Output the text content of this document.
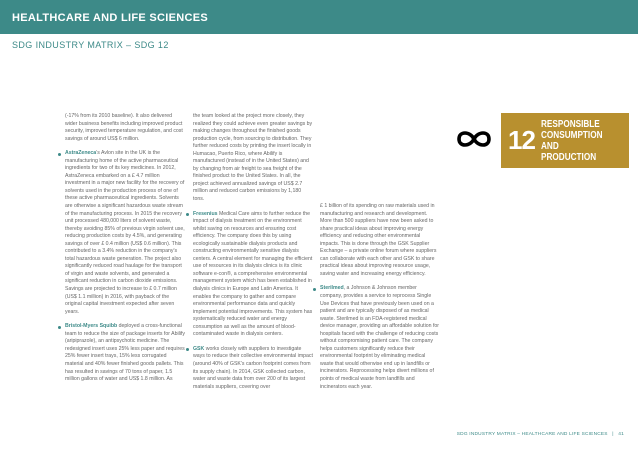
HEALTHCARE AND LIFE SCIENCES
SDG INDUSTRY MATRIX – SDG 12

(-17% from its 2010 baseline). It also delivered wider business benefits including improved product security, improved temperature regulation, and cost savings of around US$ 6 million.

AstraZeneca’s Avlon site in the UK is the manufacturing home of the active pharmaceutical ingredients for two of its key medicines. In 2012, AstraZeneca embarked on a £ 4.7 million investment in a major new facility for the recovery of solvents used in the production process of one of these active pharmaceutical ingredients. Solvents are otherwise a significant hazardous waste stream of the manufacturing process. In 2015 the recovery unit processed 480,000 liters of solvent waste, thereby avoiding 85% of previous virgin solvent use, reducing production costs by 4.5%, and generating savings of over £ 0.4 million (US$ 0.6 million). This contributed to a 3.4% reduction in the company’s total hazardous waste generation. The project also significantly reduced road haulage for the transport of virgin and waste solvents, and generated a significant reduction in carbon dioxide emissions. Savings are projected to increase to £ 0.7 million (US$ 1.1 million) in 2016, with payback of the original capital investment expected after seven years.

Bristol-Myers Squibb deployed a cross-functional team to reduce the size of package inserts for Abilify (aripiprazole), an antipsychotic medicine. The redesigned insert uses 25% less paper and requires 25% fewer insert trays, 15% less corrugated material and 40% fewer finished goods pallets. This has resulted in savings of 70 tons of paper, 1.5 million gallons of water and US$ 1.8 million. As

the team looked at the project more closely, they realized they could achieve even greater savings by making changes throughout the finished goods production cycle, from sourcing to distribution. They further reduced costs by printing the insert locally in Humacao, Puerto Rico, where Abilify is manufactured (instead of in the United States) and by changing from air freight to sea freight of the finished product to the United States. In all, the project achieved annualized savings of US$ 2.7 million and reduced carbon emissions by 1,180 tons.

Fresenius Medical Care aims to further reduce the impact of dialysis treatment on the environment whilst saving on resources and ensuring cost efficiency. The company does this by using ecologically sustainable dialysis products and constructing environmentally sensitive dialysis centers. A central element for managing the efficient use of resources in its dialysis clinics is its clinic software e-con®, a comprehensive environmental management system which has been established in dialysis clinics in Europe and Latin America. It enables the company to gather and compare environmental performance data and quickly implement potential improvements. This system has systematically reduced water and energy consumption as well as the amount of blood-contaminated waste in dialysis centers.

GSK works closely with suppliers to investigate ways to reduce their collective environmental impact (around 40% of GSK’s carbon footprint comes from its supply chain). In 2014, GSK collected carbon, water and waste data from over 200 of its largest materials suppliers, covering over

£ 1 billion of its spending on raw materials used in manufacturing and research and development. More than 500 suppliers have now been asked to share practical ideas about improving energy efficiency and reducing other environmental impacts. This is done through the GSK Supplier Exchange – a private online forum where suppliers can collaborate with each other and GSK to share practical ideas about improving resource usage, saving water and increasing energy efficiency.

Sterilmed, a Johnson & Johnson member company, provides a service to reprocess Single Use Devices that have previously been used on a patient and are typically disposed of as medical waste. Sterilmed is an FDA-registered medical device manager, providing an affordable solution for hospitals faced with the challenge of reducing costs without compromising patient care. The company helps customers significantly reduce their environmental footprint by eliminating medical waste that would otherwise end up in landfills or incinerators. Reprocessing helps divert millions of points of medical waste from landfills and incinerators each year.

12
RESPONSIBLE
CONSUMPTION
AND PRODUCTION
SDG INDUSTRY MATRIX – HEALTHCARE AND LIFE SCIENCES | 41
